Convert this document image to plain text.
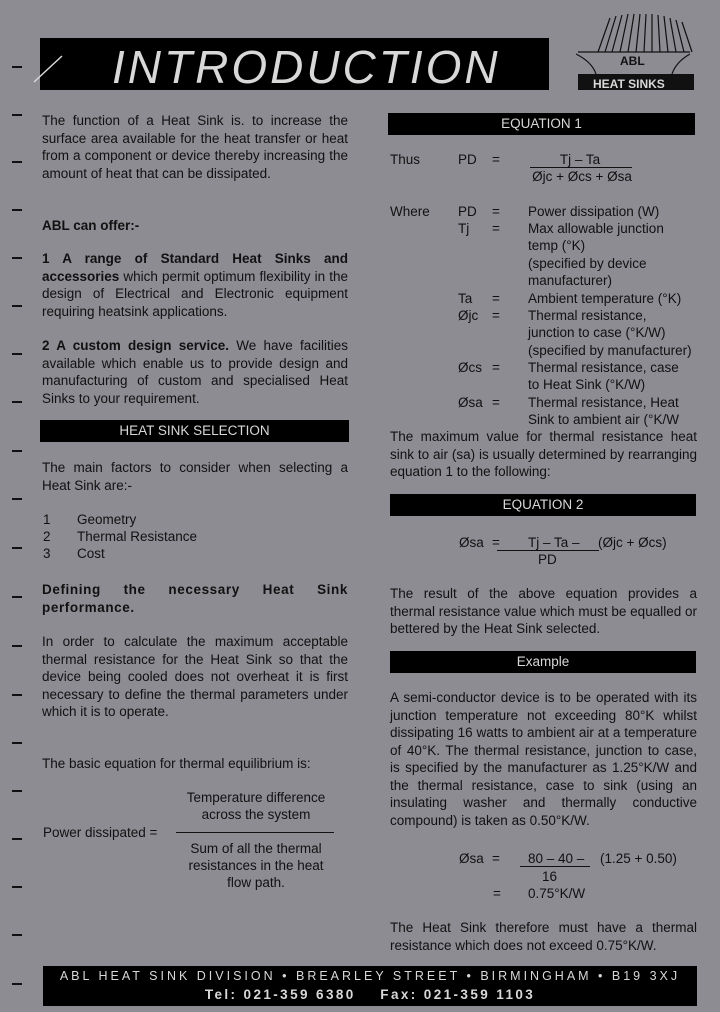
INTRODUCTION	ABL
HEAT SINKS

The function of a Heat Sink is. to increase the surface area available for the heat transfer or heat from a component or device thereby increasing the amount of heat that can be dissipated.

ABL can offer:-

1 A range of Standard Heat Sinks and accessories which permit optimum flexibility in the design of Electrical and Electronic equipment requiring heatsink applications.

2 A custom design service. We have facilities available which enable us to provide design and manufacturing of custom and specialised Heat Sinks to your requirement.

HEAT SINK SELECTION

The main factors to consider when selecting a Heat Sink are:-

1 Geometry
2 Thermal Resistance
3 Cost

Defining the necessary Heat Sink performance.

In order to calculate the maximum acceptable thermal resistance for the Heat Sink so that the device being cooled does not overheat it is first necessary to define the thermal parameters under which it is to operate.

The basic equation for thermal equilibrium is:

Power dissipated =
Temperature difference
across the system
Sum of all the thermal
resistances in the heat
flow path.
EQUATION 1
Thus	PD =	Tj – Ta
Øjc + Øcs + Øsa
Where PD = Power dissipation (W)
Tj = Max allowable junction
temp (°K)
(specified by device
manufacturer)
Ta = Ambient temperature (°K)
Øjc = Thermal resistance,
junction to case (°K/W)
(specified by manufacturer)
Øcs = Thermal resistance, case
to Heat Sink (°K/W)
Øsa = Thermal resistance, Heat
Sink to ambient air (°K/W

The maximum value for thermal resistance heat sink to air (sa) is usually determined by rearranging equation 1 to the following:

EQUATION 2
Øsa = Tj – Ta – (Øjc + Øcs)
PD

The result of the above equation provides a thermal resistance value which must be equalled or bettered by the Heat Sink selected.

Example

A semi-conductor device is to be operated with its junction temperature not exceeding 80°K whilst dissipating 16 watts to ambient air at a temperature of 40°K. The thermal resistance, junction to case, is specified by the manufacturer as 1.25°K/W and the thermal resistance, case to sink (using an insulating washer and thermally conductive compound) is taken as 0.50°K/W.

Øsa = 80 – 40 – (1.25 + 0.50)
16
= 0.75°K/W

The Heat Sink therefore must have a thermal resistance which does not exceed 0.75°K/W.

ABL HEAT SINK DIVISION • BREARLEY STREET • BIRMINGHAM • B19 3XJ
Tel: 021-359 6380    Fax: 021-359 1103
